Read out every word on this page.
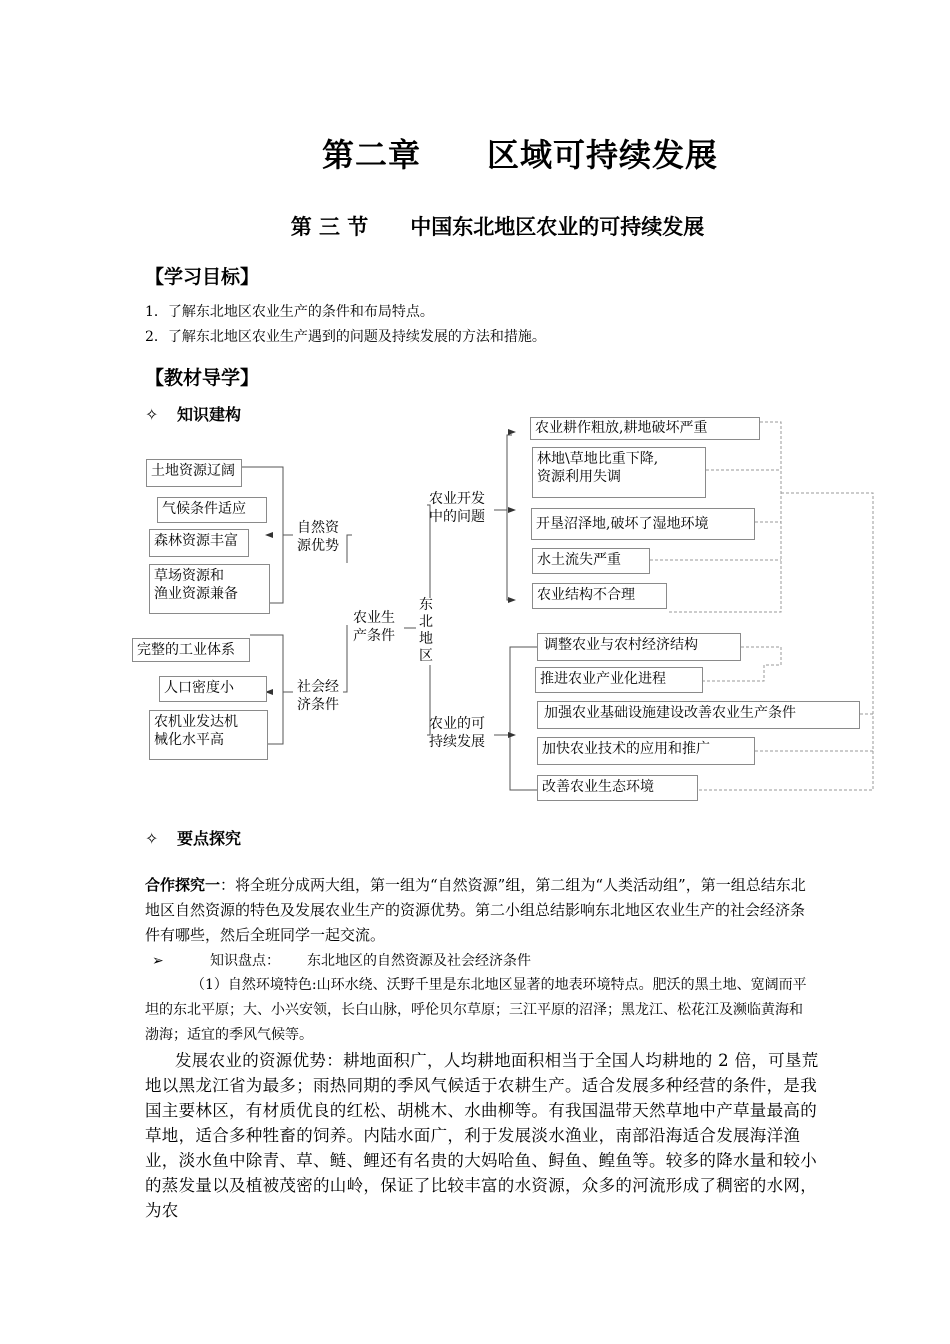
第二章　　区域可持续发展
第 三 节　　中国东北地区农业的可持续发展
【学习目标】
1．了解东北地区农业生产的条件和布局特点。
2．了解东北地区农业生产遇到的问题及持续发展的方法和措施。
【教材导学】
✧ 知识建构
土地资源辽阔
气候条件适应
森林资源丰富
草场资源和
渔业资源兼备
自然资
源优势
完整的工业体系
人口密度小
农机业发达机
械化水平高
社会经
济条件
农业生
产条件
东北地区
农业开发
中的问题
农业的可
持续发展
农业耕作粗放,耕地破坏严重
林地\草地比重下降,
资源利用失调
开垦沼泽地,破坏了湿地环境
水土流失严重
农业结构不合理
调整农业与农村经济结构
推进农业产业化进程
加强农业基础设施建设改善农业生产条件
加快农业技术的应用和推广
改善农业生态环境
✧ 要点探究
合作探究一：将全班分成两大组，第一组为“自然资源”组，第二组为“人类活动组”，第一组总结东北地区自然资源的特色及发展农业生产的资源优势。第二小组总结影响东北地区农业生产的社会经济条件有哪些，然后全班同学一起交流。
➢	知识盘点： 东北地区的自然资源及社会经济条件
（1）自然环境特色:山环水绕、沃野千里是东北地区显著的地表环境特点。肥沃的黑土地、宽阔而平坦的东北平原；大、小兴安领，长白山脉，呼伦贝尔草原；三江平原的沼泽；黑龙江、松花江及濒临黄海和渤海；适宜的季风气候等。
发展农业的资源优势：耕地面积广，人均耕地面积相当于全国人均耕地的 2 倍，可垦荒地以黑龙江省为最多；雨热同期的季风气候适于农耕生产。适合发展多种经营的条件，是我国主要林区，有材质优良的红松、胡桃木、水曲柳等。有我国温带天然草地中产草量最高的草地，适合多种牲畜的饲养。内陆水面广，利于发展淡水渔业，南部沿海适合发展海洋渔业，淡水鱼中除青、草、鲢、鲤还有名贵的大妈哈鱼、鲟鱼、鳇鱼等。较多的降水量和较小的蒸发量以及植被茂密的山岭，保证了比较丰富的水资源，众多的河流形成了稠密的水网，为农
